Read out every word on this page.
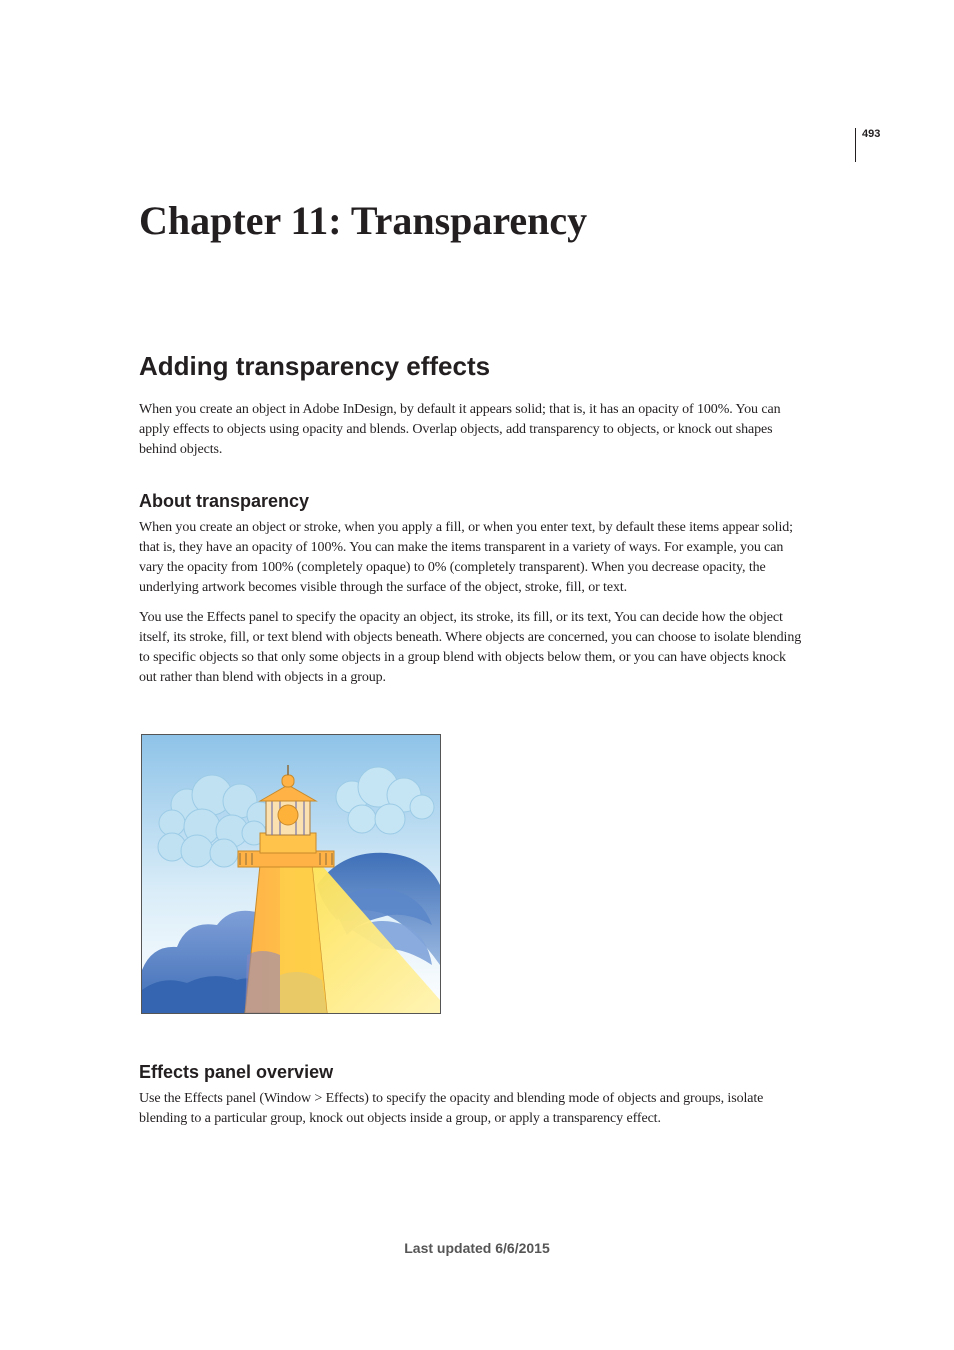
493
Chapter 11: Transparency
Adding transparency effects

When you create an object in Adobe InDesign, by default it appears solid; that is, it has an opacity of 100%. You can
apply effects to objects using opacity and blends. Overlap objects, add transparency to objects, or knock out shapes
behind objects.

About transparency

When you create an object or stroke, when you apply a fill, or when you enter text, by default these items appear solid;
that is, they have an opacity of 100%. You can make the items transparent in a variety of ways. For example, you can
vary the opacity from 100% (completely opaque) to 0% (completely transparent). When you decrease opacity, the
underlying artwork becomes visible through the surface of the object, stroke, fill, or text.

You use the Effects panel to specify the opacity an object, its stroke, its fill, or its text, You can decide how the object
itself, its stroke, fill, or text blend with objects beneath. Where objects are concerned, you can choose to isolate blending
to specific objects so that only some objects in a group blend with objects below them, or you can have objects knock
out rather than blend with objects in a group.

Effects panel overview

Use the Effects panel (Window > Effects) to specify the opacity and blending mode of objects and groups, isolate
blending to a particular group, knock out objects inside a group, or apply a transparency effect.

Last updated 6/6/2015
